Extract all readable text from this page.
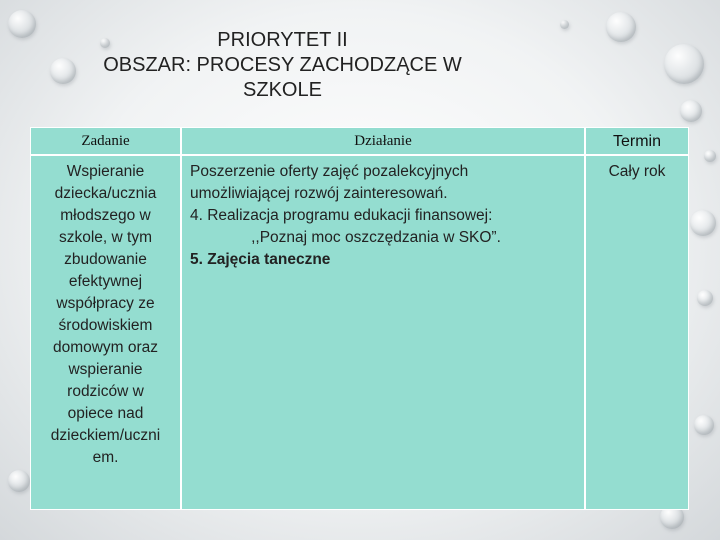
PRIORYTET II
OBSZAR: PROCESY ZACHODZĄCE W
SZKOLE
Zadanie	Działanie	Termin
Wspieranie
dziecka/ucznia
młodszego w
szkole, w tym
zbudowanie
efektywnej
współpracy ze
środowiskiem
domowym oraz
wspieranie
rodziców w
opiece nad
dzieckiem/uczni
em.
Poszerzenie oferty zajęć pozalekcyjnych
umożliwiającej rozwój zainteresowań.
4. Realizacja programu edukacji finansowej:
,,Poznaj moc oszczędzania w SKO”.
5. Zajęcia taneczne
Cały rok
